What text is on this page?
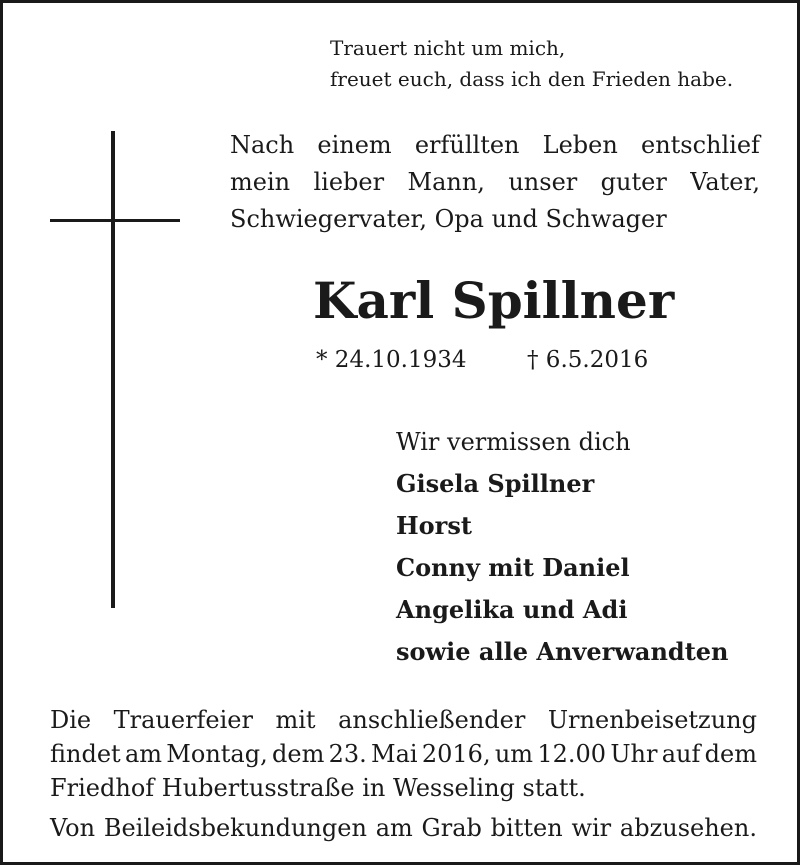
Trauert nicht um mich,
freuet euch, dass ich den Frieden habe.
Nach einem erfüllten Leben entschlief
mein lieber Mann, unser guter Vater,
Schwiegervater, Opa und Schwager
Karl Spillner
* 24.10.1934	† 6.5.2016
Wir vermissen dich
Gisela Spillner
Horst
Conny mit Daniel
Angelika und Adi
sowie alle Anverwandten
Die Trauerfeier mit anschließender Urnenbeisetzung
findet am Montag, dem 23. Mai 2016, um 12.00 Uhr auf dem
Friedhof Hubertusstraße in Wesseling statt.
Von Beileidsbekundungen am Grab bitten wir abzusehen.
